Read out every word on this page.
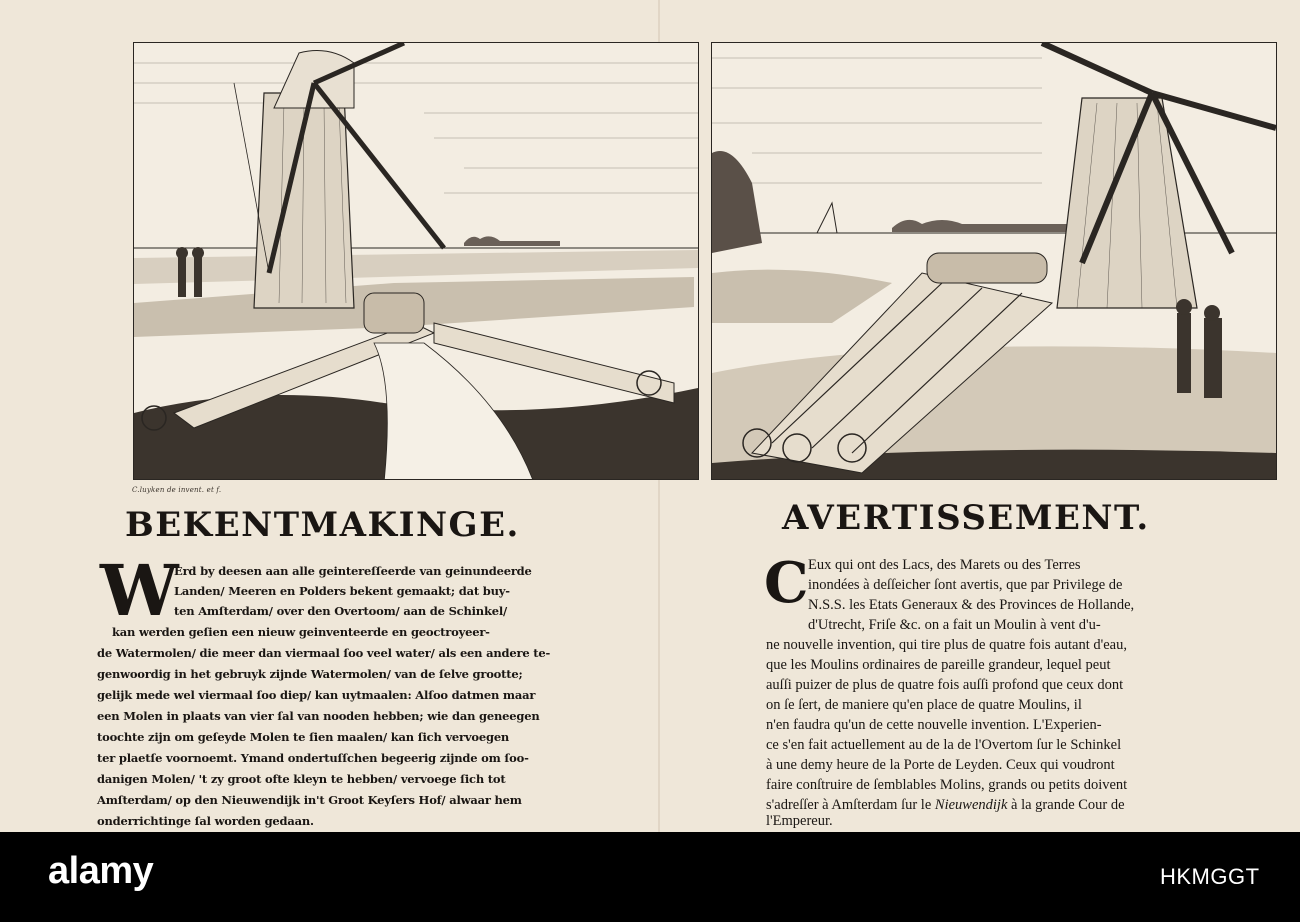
C.luyken de invent. et f.
BEKENTMAKINGE.
W
Erd by deesen aan alle geintereſſeerde van geinundeerde
Landen/ Meeren en Polders bekent gemaakt; dat buy-
ten Amſterdam/ over den Overtoom/ aan de Schinkel/
kan werden geſien een nieuw geinventeerde en geoctroyeer-
de Watermolen/ die meer dan viermaal ſoo veel water/ als een andere te-
genwoordig in het gebruyk zijnde Watermolen/ van de ſelve grootte;
gelijk mede wel viermaal ſoo diep/ kan uytmaalen: Alſoo datmen maar
een Molen in plaats van vier ſal van nooden hebben; wie dan geneegen
toochte zijn om geſeyde Molen te ſien maalen/ kan ſich vervoegen
ter plaetſe voornoemt. Ymand ondertuſſchen begeerig zijnde om ſoo-
danigen Molen/ 't zy groot ofte kleyn te hebben/ vervoege ſich tot
Amſterdam/ op den Nieuwendijk in't Groot Keyſers Hof/ alwaar hem
onderrichtinge ſal worden gedaan.
AVERTISSEMENT.
C Eux qui ont des Lacs, des Marets ou des Terres
inondées à deſſeicher ſont avertis, que par Privilege de
N.S.S. les Etats Generaux & des Provinces de Hollande,
d'Utrecht, Friſe &c. on a fait un Moulin à vent d'u-
ne nouvelle invention, qui tire plus de quatre fois autant d'eau,
que les Moulins ordinaires de pareille grandeur, lequel peut
auſſi puizer de plus de quatre fois auſſi profond que ceux dont
on ſe ſert, de maniere qu'en place de quatre Moulins, il
n'en faudra qu'un de cette nouvelle invention. L'Experien-
ce s'en fait actuellement au de la de l'Overtom ſur le Schinkel
à une demy heure de la Porte de Leyden. Ceux qui voudront
faire conſtruire de ſemblables Molins, grands ou petits doivent
s'adreſſer à Amſterdam ſur le Nieuwendijk à la grande Cour de
l'Empereur.
alamy	HKMGGT
